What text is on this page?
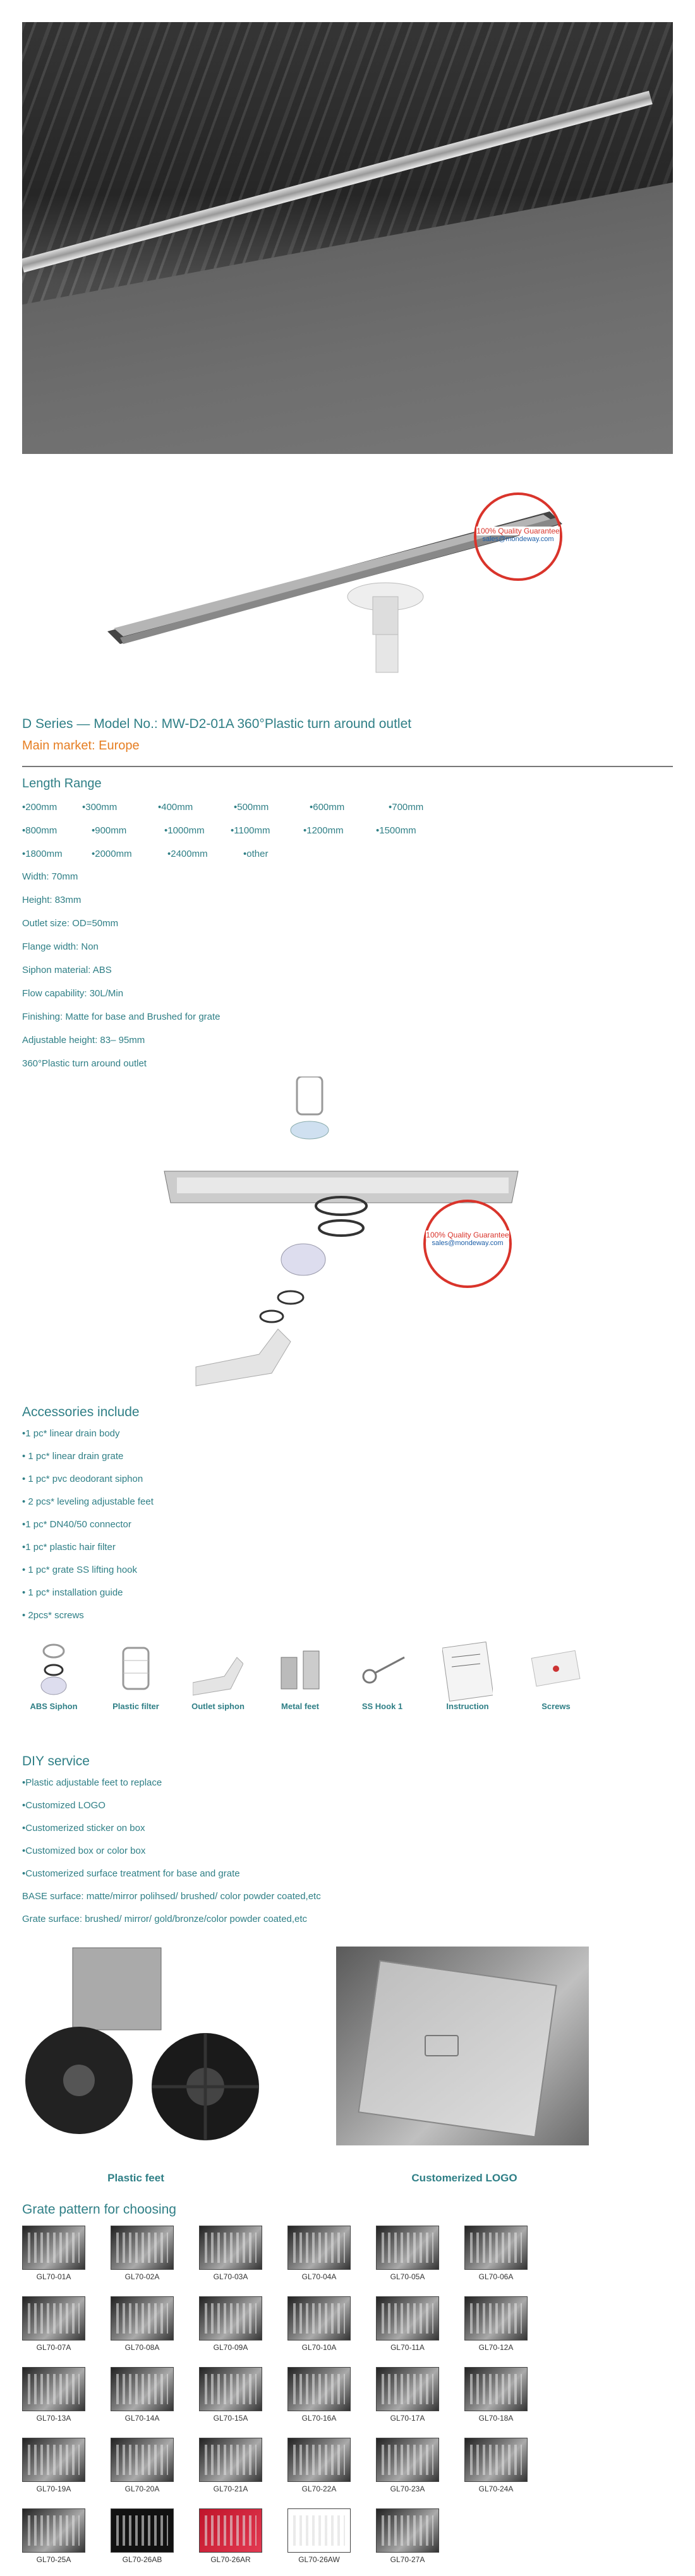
100% Quality Guarantee
sales@mondeway.com
D Series — Model No.: MW-D2-01A 360°Plastic turn around outlet
Main market: Europe
Length Range
•200mm	•300mm	•400mm	•500mm	•600mm	•700mm
•800mm	•900mm	•1000mm	•1100mm	•1200mm	•1500mm
•1800mm	•2000mm	•2400mm	•other
Width: 70mm
Height: 83mm
Outlet size: OD=50mm
Flange width: Non
Siphon material: ABS
Flow capability: 30L/Min
Finishing: Matte for base and Brushed for grate
Adjustable height: 83– 95mm
360°Plastic turn around outlet
100% Quality Guarantee
sales@mondeway.com
Accessories include
•1 pc* linear drain body
• 1 pc* linear drain grate
• 1 pc* pvc deodorant siphon
• 2 pcs* leveling adjustable feet
•1 pc* DN40/50 connector
•1 pc* plastic hair filter
• 1 pc* grate SS lifting hook
• 1 pc* installation guide
• 2pcs* screws
ABS Siphon	Plastic filter	Outlet siphon	Metal feet	SS Hook 1	Instruction	Screws
DIY service
•Plastic adjustable feet to replace
•Customized LOGO
•Customerized sticker on box
•Customized box or color box
•Customerized surface treatment for base and grate
BASE surface: matte/mirror polihsed/ brushed/ color powder coated,etc
Grate surface: brushed/ mirror/ gold/bronze/color powder coated,etc
Plastic feet	Customerized LOGO
Grate pattern for choosing
GL70-01A	GL70-02A	GL70-03A	GL70-04A	GL70-05A	GL70-06A
GL70-07A	GL70-08A	GL70-09A	GL70-10A	GL70-11A	GL70-12A
GL70-13A	GL70-14A	GL70-15A	GL70-16A	GL70-17A	GL70-18A
GL70-19A	GL70-20A	GL70-21A	GL70-22A	GL70-23A	GL70-24A
GL70-25A	GL70-26AB	GL70-26AR	GL70-26AW	GL70-27A
